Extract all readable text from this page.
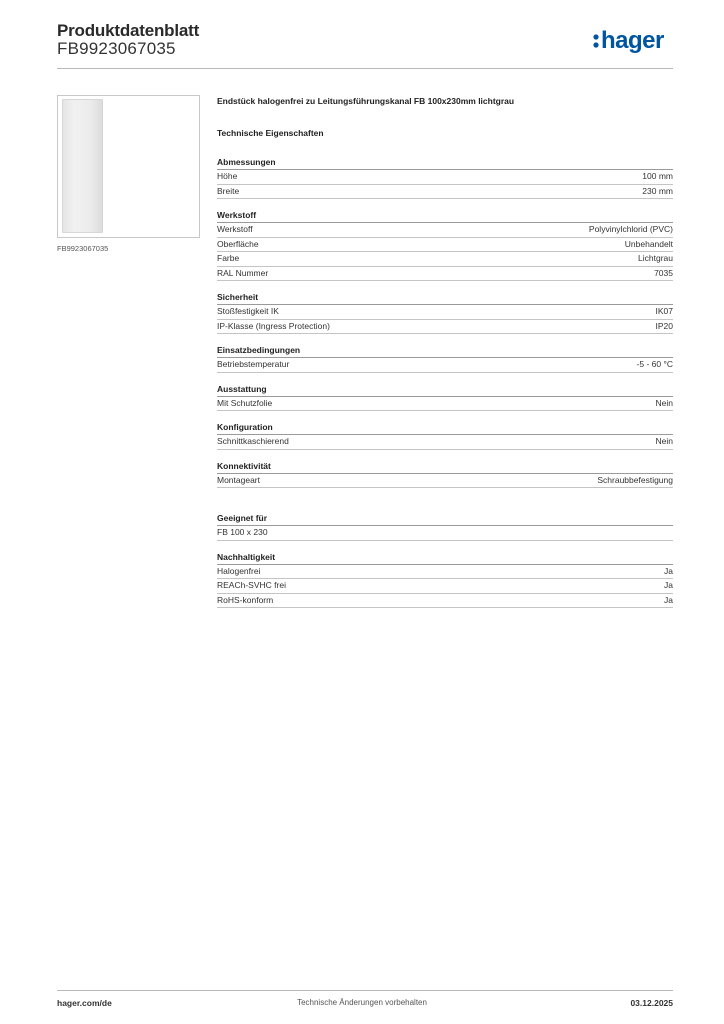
Produktdatenblatt
FB9923067035	hager
FB9923067035
Endstück halogenfrei zu Leitungsführungskanal FB 100x230mm lichtgrau
Technische Eigenschaften
Abmessungen
Höhe	100 mm
Breite	230 mm
Werkstoff
Werkstoff	Polyvinylchlorid (PVC)
Oberfläche	Unbehandelt
Farbe	Lichtgrau
RAL Nummer	7035
Sicherheit
Stoßfestigkeit IK	IK07
IP-Klasse (Ingress Protection)	IP20
Einsatzbedingungen
Betriebstemperatur	-5 - 60 °C
Ausstattung
Mit Schutzfolie	Nein
Konfiguration
Schnittkaschierend	Nein
Konnektivität
Montageart	Schraubbefestigung
Geeignet für
FB 100 x 230
Nachhaltigkeit
Halogenfrei	Ja
REACh-SVHC frei	Ja
RoHS-konform	Ja
hager.com/de	Technische Änderungen vorbehalten	03.12.2025
